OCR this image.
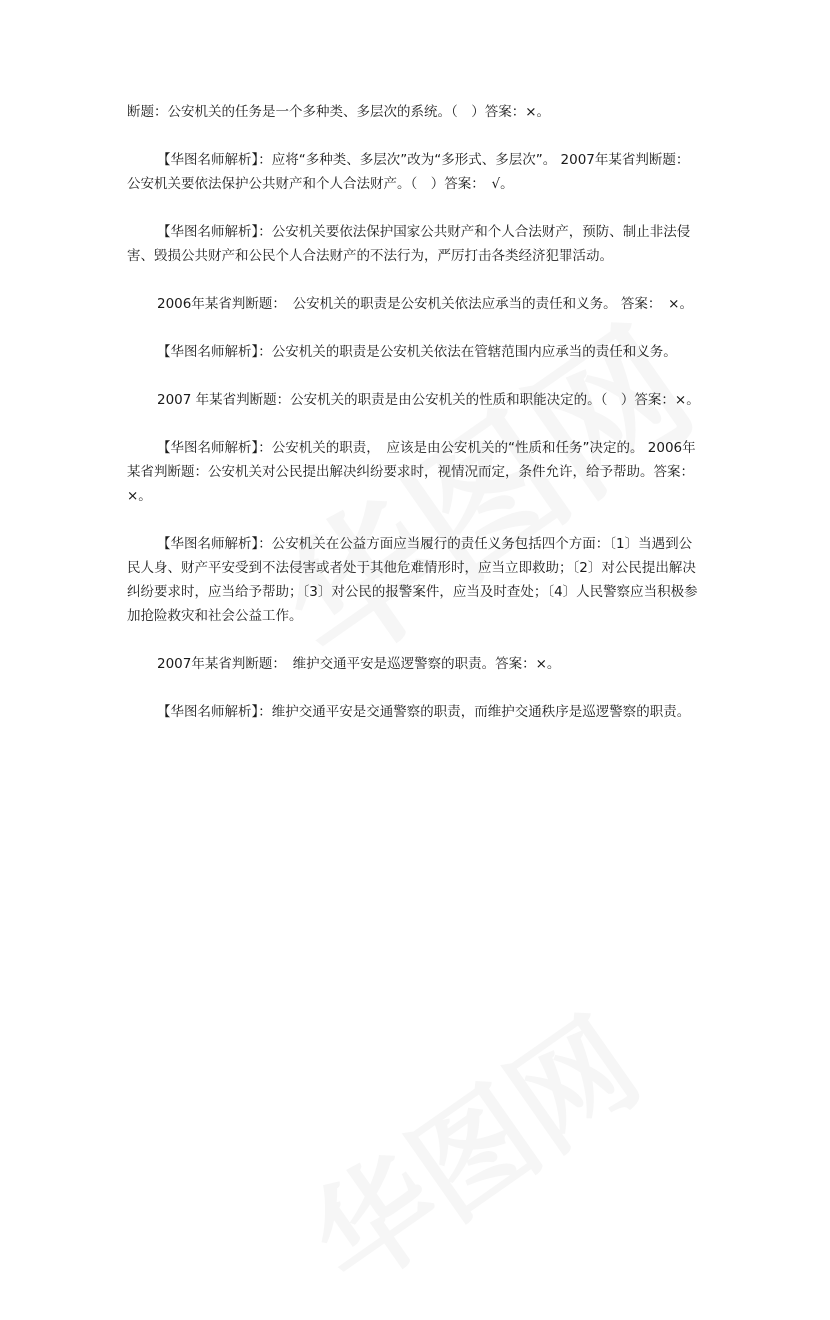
断题：公安机关的任务是一个多种类、多层次的系统。（　）答案：×。

【华图名师解析】：应将“多种类、多层次”改为“多形式、多层次”。 2007年某省判断题：公安机关要依法保护公共财产和个人合法财产。（　）答案：　√。

【华图名师解析】：公安机关要依法保护国家公共财产和个人合法财产，预防、制止非法侵害、毁损公共财产和公民个人合法财产的不法行为，严厉打击各类经济犯罪活动。

2006年某省判断题：　公安机关的职责是公安机关依法应承当的责任和义务。 答案：　×。

【华图名师解析】：公安机关的职责是公安机关依法在管辖范围内应承当的责任和义务。

2007 年某省判断题：公安机关的职责是由公安机关的性质和职能决定的。（　）答案：×。

【华图名师解析】：公安机关的职责，　应该是由公安机关的“性质和任务”决定的。 2006年某省判断题：公安机关对公民提出解决纠纷要求时，视情况而定，条件允许，给予帮助。答案：×。

【华图名师解析】：公安机关在公益方面应当履行的责任义务包括四个方面：〔1〕当遇到公民人身、财产平安受到不法侵害或者处于其他危难情形时，应当立即救助；〔2〕对公民提出解决纠纷要求时，应当给予帮助；〔3〕对公民的报警案件，应当及时查处；〔4〕人民警察应当积极参加抢险救灾和社会公益工作。

2007年某省判断题：　维护交通平安是巡逻警察的职责。答案：×。

【华图名师解析】：维护交通平安是交通警察的职责，而维护交通秩序是巡逻警察的职责。
